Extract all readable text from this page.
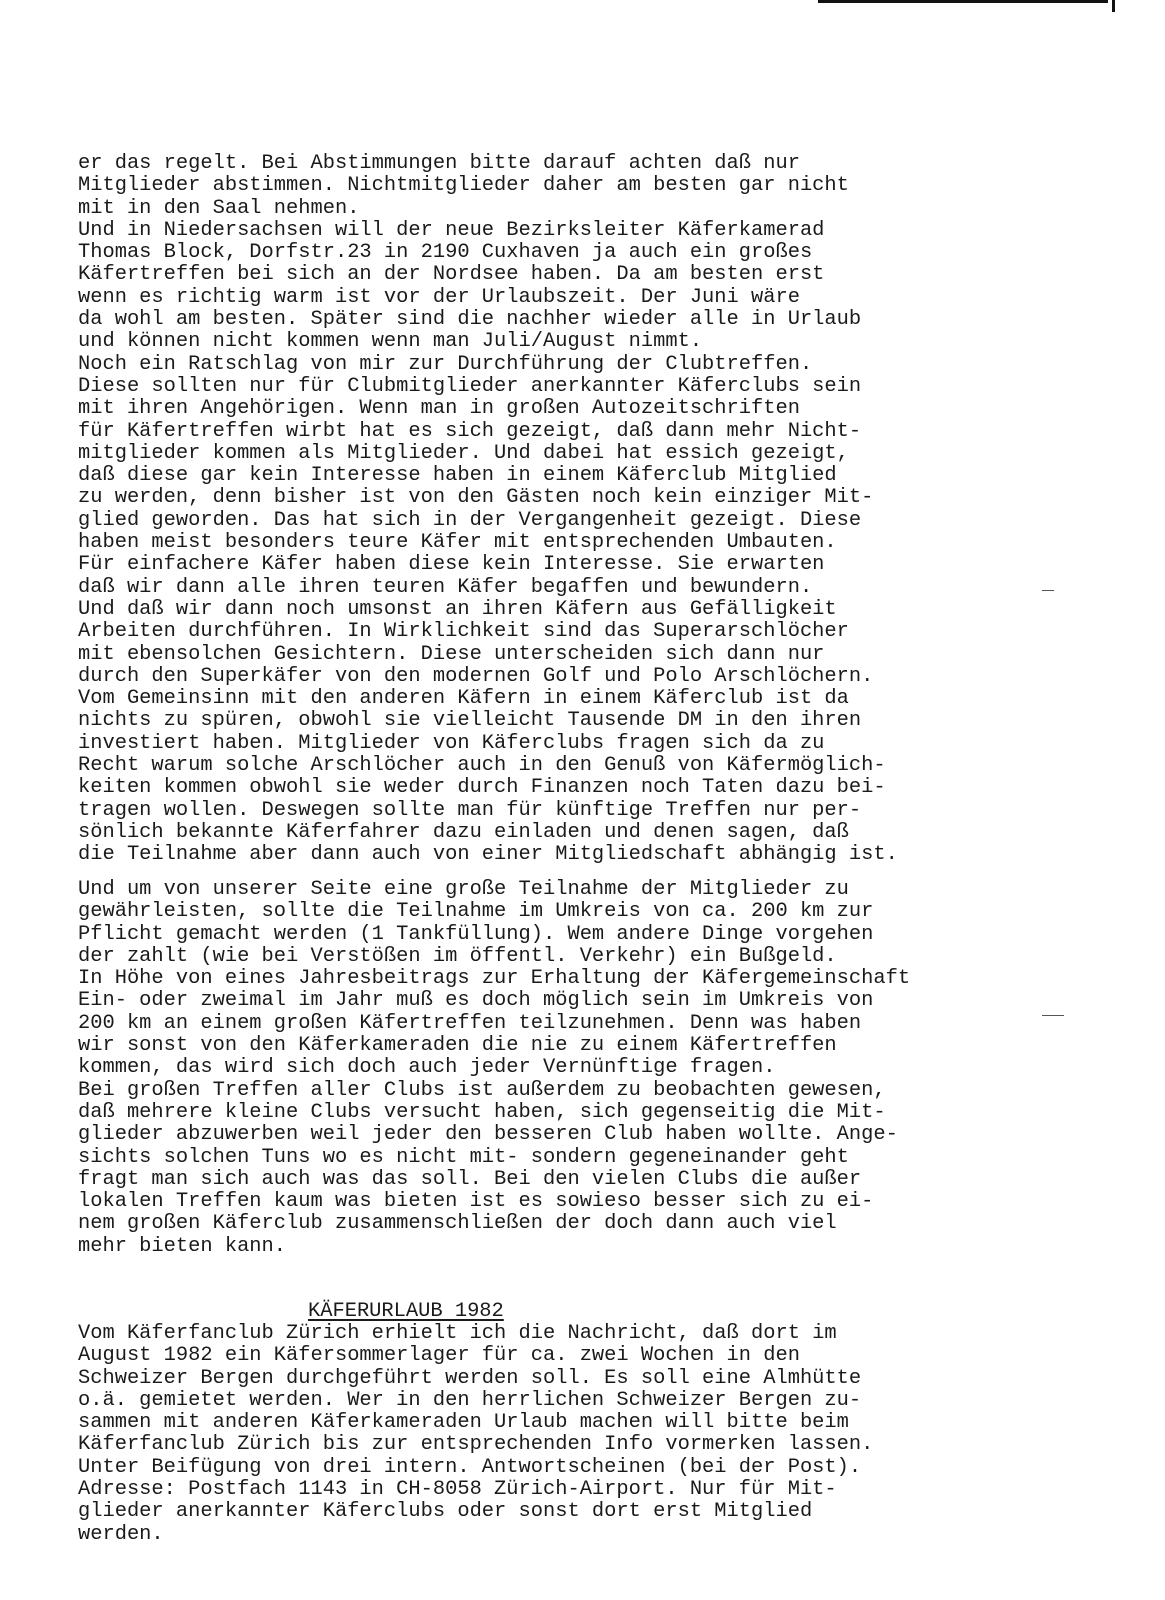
er das regelt. Bei Abstimmungen bitte darauf achten daß nur
Mitglieder abstimmen. Nichtmitglieder daher am besten gar nicht
mit in den Saal nehmen.
Und in Niedersachsen will der neue Bezirksleiter Käferkamerad
Thomas Block, Dorfstr.23 in 2190 Cuxhaven ja auch ein großes
Käfertreffen bei sich an der Nordsee haben. Da am besten erst
wenn es richtig warm ist vor der Urlaubszeit. Der Juni wäre
da wohl am besten. Später sind die nachher wieder alle in Urlaub
und können nicht kommen wenn man Juli/August nimmt.
Noch ein Ratschlag von mir zur Durchführung der Clubtreffen.
Diese sollten nur für Clubmitglieder anerkannter Käferclubs sein
mit ihren Angehörigen. Wenn man in großen Autozeitschriften
für Käfertreffen wirbt hat es sich gezeigt, daß dann mehr Nicht-
mitglieder kommen als Mitglieder. Und dabei hat essich gezeigt,
daß diese gar kein Interesse haben in einem Käferclub Mitglied
zu werden, denn bisher ist von den Gästen noch kein einziger Mit-
glied geworden. Das hat sich in der Vergangenheit gezeigt. Diese
haben meist besonders teure Käfer mit entsprechenden Umbauten.
Für einfachere Käfer haben diese kein Interesse. Sie erwarten
daß wir dann alle ihren teuren Käfer begaffen und bewundern.
Und daß wir dann noch umsonst an ihren Käfern aus Gefälligkeit
Arbeiten durchführen. In Wirklichkeit sind das Superarschlöcher
mit ebensolchen Gesichtern. Diese unterscheiden sich dann nur
durch den Superkäfer von den modernen Golf und Polo Arschlöchern.
Vom Gemeinsinn mit den anderen Käfern in einem Käferclub ist da
nichts zu spüren, obwohl sie vielleicht Tausende DM in den ihren
investiert haben. Mitglieder von Käferclubs fragen sich da zu
Recht warum solche Arschlöcher auch in den Genuß von Käfermöglich-
keiten kommen obwohl sie weder durch Finanzen noch Taten dazu bei-
tragen wollen. Deswegen sollte man für künftige Treffen nur per-
sönlich bekannte Käferfahrer dazu einladen und denen sagen, daß
die Teilnahme aber dann auch von einer Mitgliedschaft abhängig ist.
Und um von unserer Seite eine große Teilnahme der Mitglieder zu
gewährleisten, sollte die Teilnahme im Umkreis von ca. 200 km zur
Pflicht gemacht werden (1 Tankfüllung). Wem andere Dinge vorgehen
der zahlt (wie bei Verstößen im öffentl. Verkehr) ein Bußgeld.
In Höhe von eines Jahresbeitrags zur Erhaltung der Käfergemeinschaft
Ein- oder zweimal im Jahr muß es doch möglich sein im Umkreis von
200 km an einem großen Käfertreffen teilzunehmen. Denn was haben
wir sonst von den Käferkameraden die nie zu einem Käfertreffen
kommen, das wird sich doch auch jeder Vernünftige fragen.
Bei großen Treffen aller Clubs ist außerdem zu beobachten gewesen,
daß mehrere kleine Clubs versucht haben, sich gegenseitig die Mit-
glieder abzuwerben weil jeder den besseren Club haben wollte. Ange-
sichts solchen Tuns wo es nicht mit- sondern gegeneinander geht
fragt man sich auch was das soll. Bei den vielen Clubs die außer
lokalen Treffen kaum was bieten ist es sowieso besser sich zu ei-
nem großen Käferclub zusammenschließen der doch dann auch viel
mehr bieten kann.
KÄFERURLAUB 1982
Vom Käferfanclub Zürich erhielt ich die Nachricht, daß dort im
August 1982 ein Käfersommerlager für ca. zwei Wochen in den
Schweizer Bergen durchgeführt werden soll. Es soll eine Almhütte
o.ä. gemietet werden. Wer in den herrlichen Schweizer Bergen zu-
sammen mit anderen Käferkameraden Urlaub machen will bitte beim
Käferfanclub Zürich bis zur entsprechenden Info vormerken lassen.
Unter Beifügung von drei intern. Antwortscheinen (bei der Post).
Adresse: Postfach 1143 in CH-8058 Zürich-Airport. Nur für Mit-
glieder anerkannter Käferclubs oder sonst dort erst Mitglied
werden.
